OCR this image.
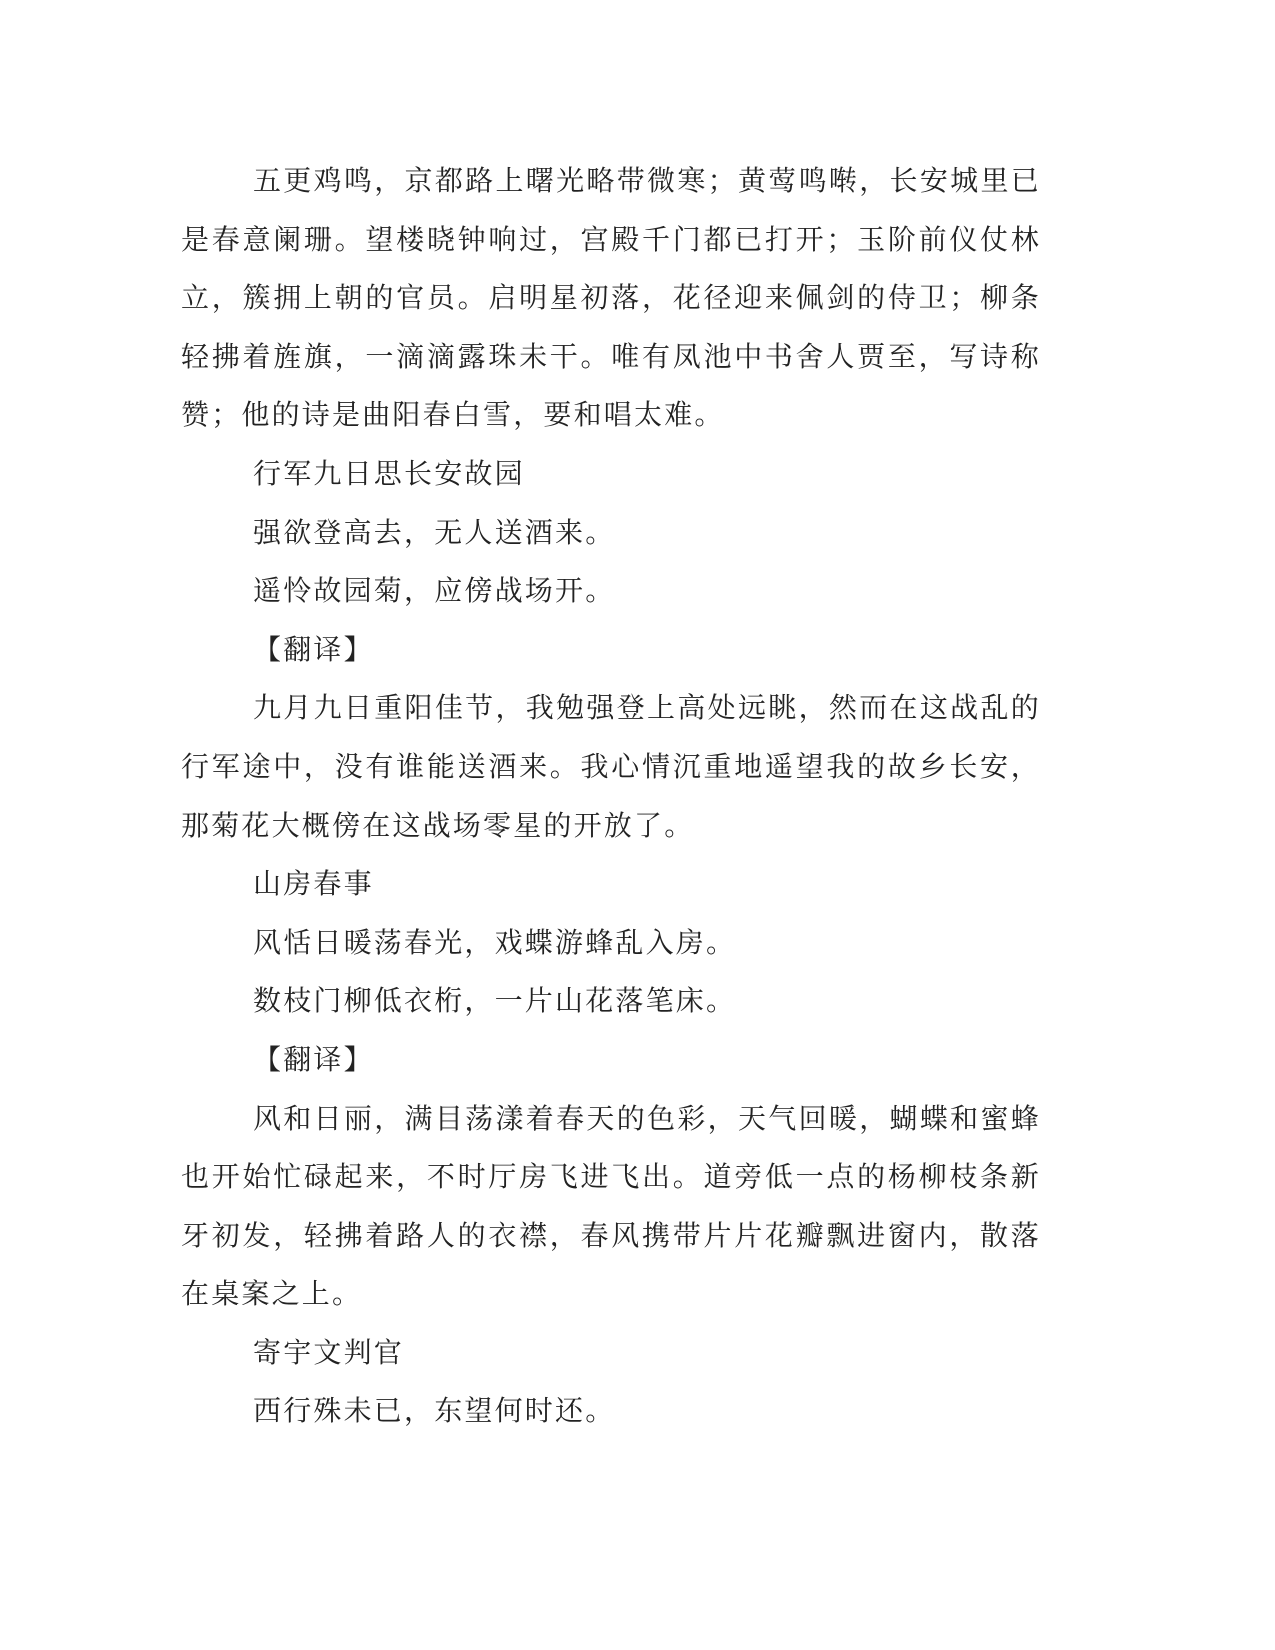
五更鸡鸣，京都路上曙光略带微寒；黄莺鸣啭，长安城里已是春意阑珊。望楼晓钟响过，宫殿千门都已打开；玉阶前仪仗林立，簇拥上朝的官员。启明星初落，花径迎来佩剑的侍卫；柳条轻拂着旌旗，一滴滴露珠未干。唯有凤池中书舍人贾至，写诗称赞；他的诗是曲阳春白雪，要和唱太难。

行军九日思长安故园

强欲登高去，无人送酒来。

遥怜故园菊，应傍战场开。

【翻译】

九月九日重阳佳节，我勉强登上高处远眺，然而在这战乱的行军途中，没有谁能送酒来。我心情沉重地遥望我的故乡长安，那菊花大概傍在这战场零星的开放了。

山房春事

风恬日暖荡春光，戏蝶游蜂乱入房。

数枝门柳低衣桁，一片山花落笔床。

【翻译】

风和日丽，满目荡漾着春天的色彩，天气回暖，蝴蝶和蜜蜂也开始忙碌起来，不时厅房飞进飞出。道旁低一点的杨柳枝条新牙初发，轻拂着路人的衣襟，春风携带片片花瓣飘进窗内，散落在桌案之上。

寄宇文判官

西行殊未已，东望何时还。
